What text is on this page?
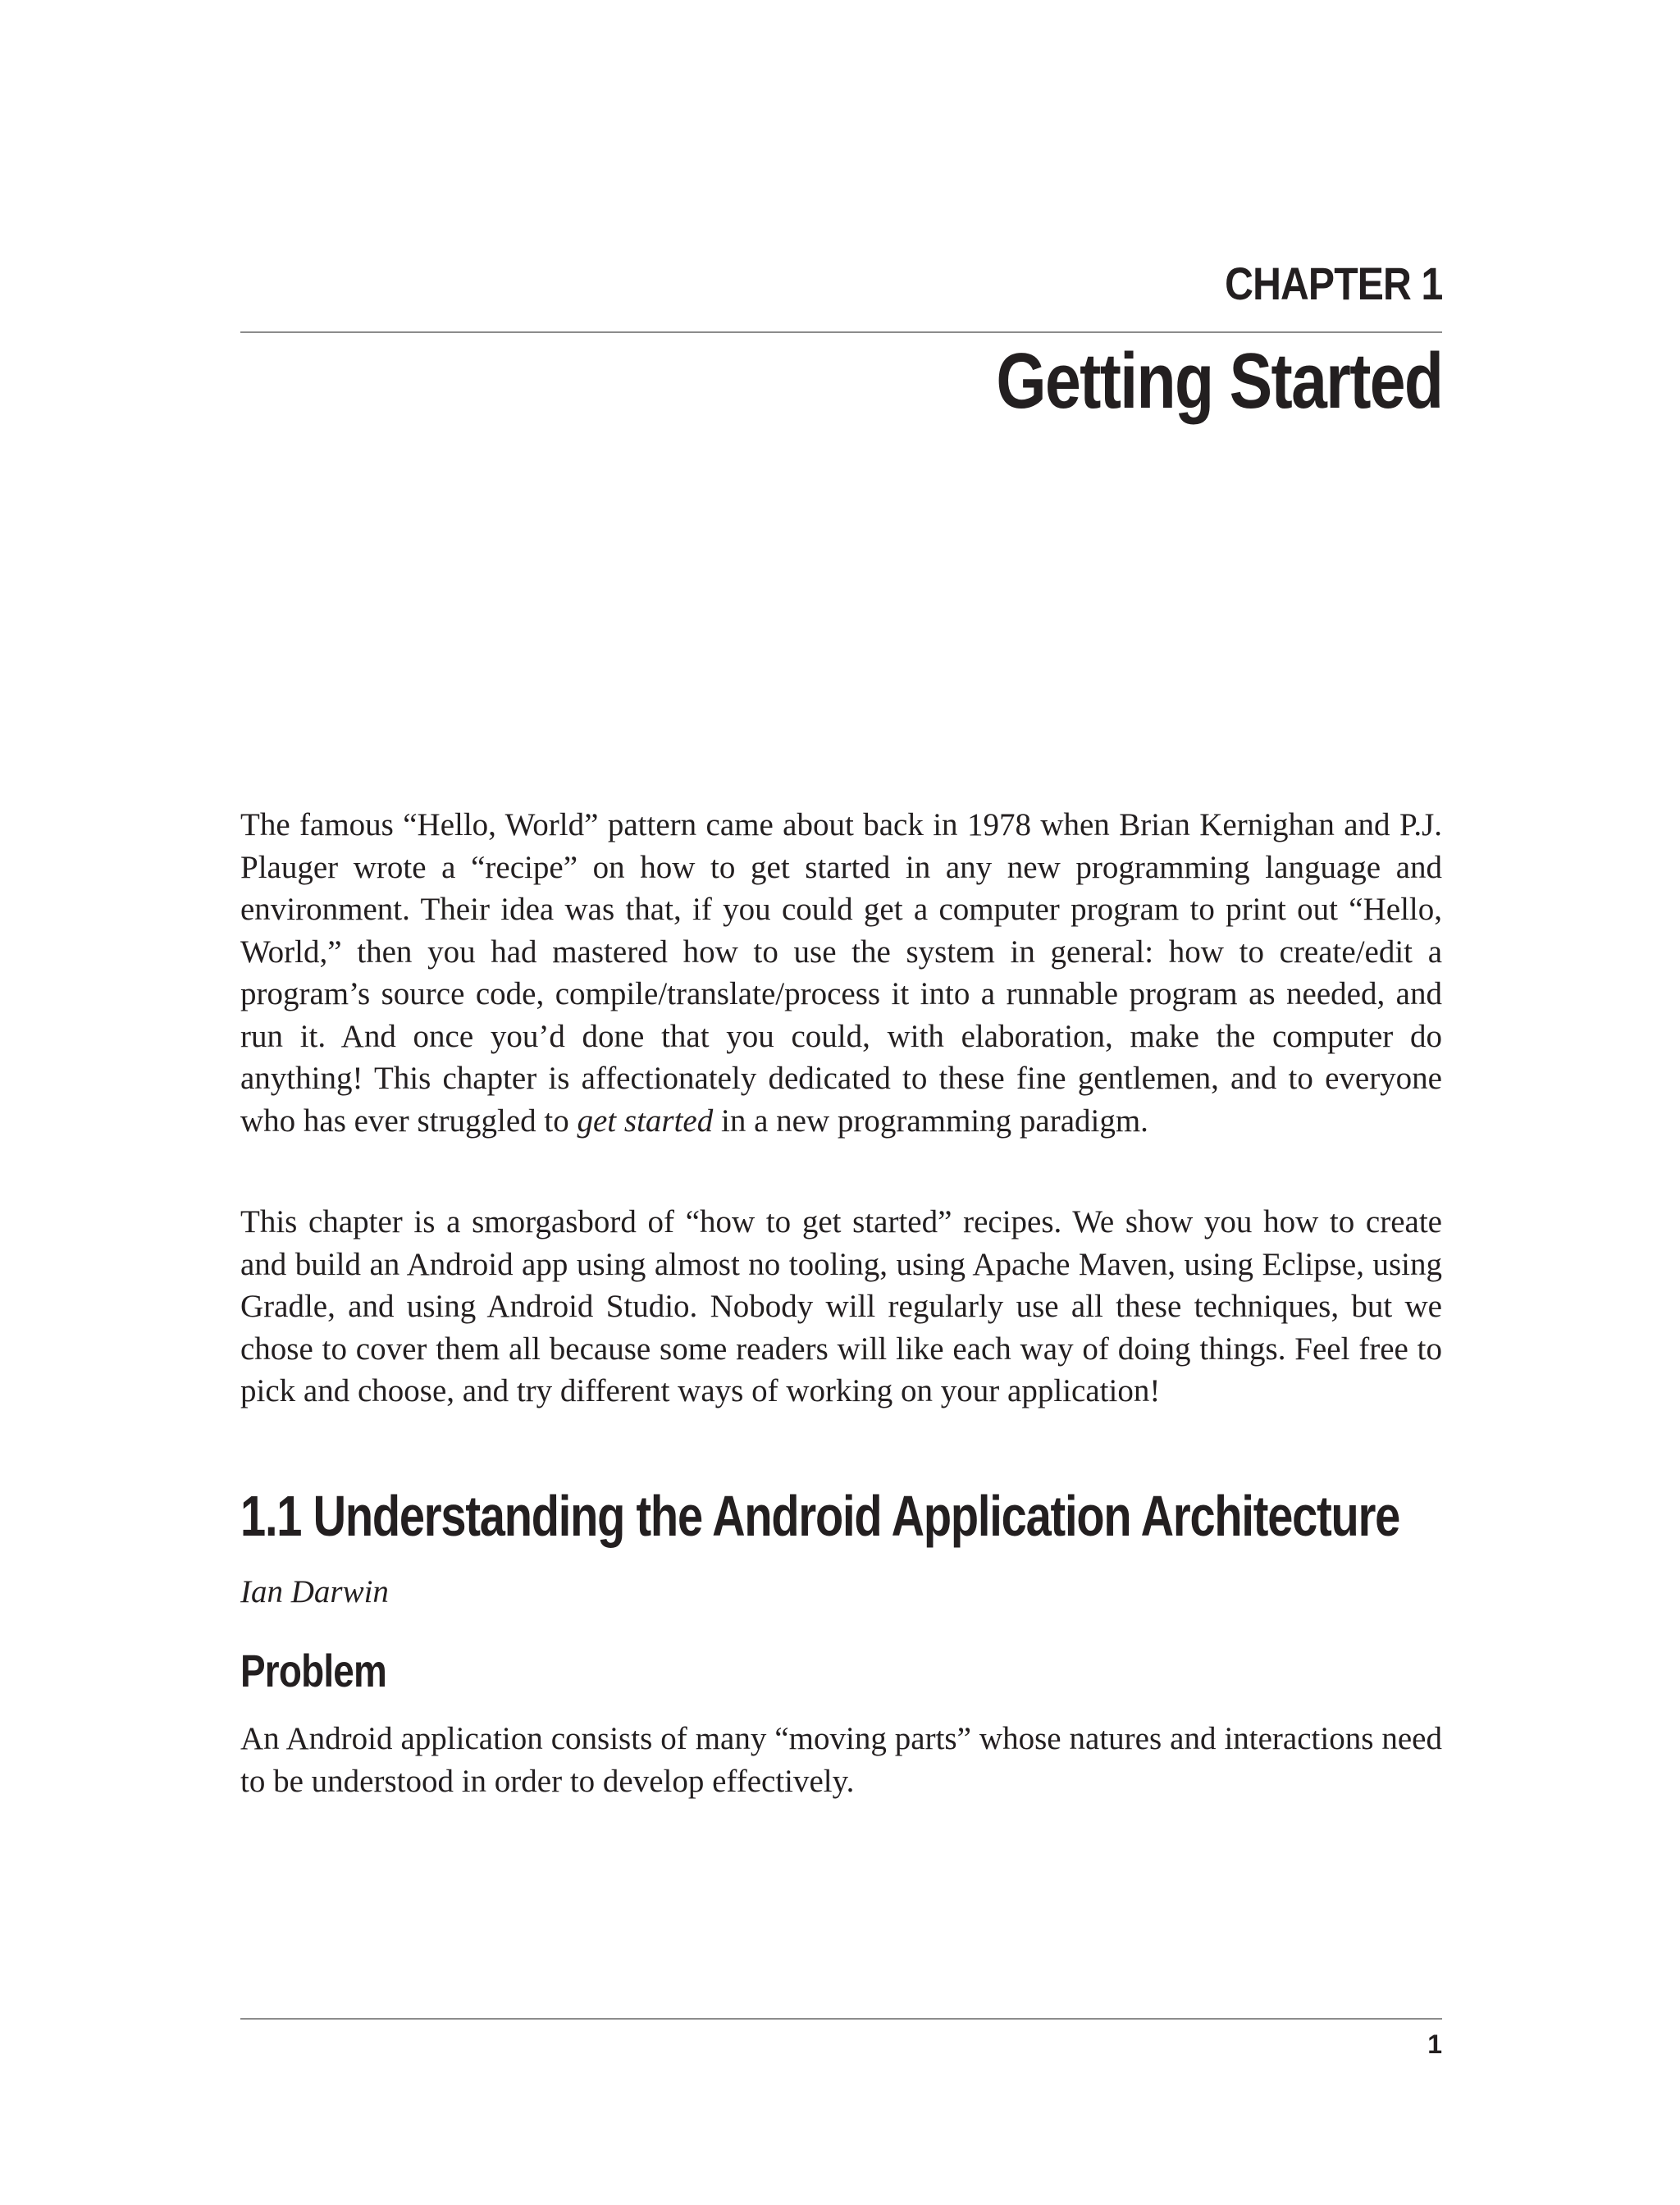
CHAPTER 1
Getting Started

The famous “Hello, World” pattern came about back in 1978 when Brian Kernighan and P.J. Plauger wrote a “recipe” on how to get started in any new programming language and environment. Their idea was that, if you could get a computer program to print out “Hello, World,” then you had mastered how to use the system in general: how to create/edit a program’s source code, compile/translate/process it into a runnable program as needed, and run it. And once you’d done that you could, with elaboration, make the computer do anything! This chapter is affectionately dedicated to these fine gentlemen, and to everyone who has ever struggled to get started in a new programming paradigm.

This chapter is a smorgasbord of “how to get started” recipes. We show you how to create and build an Android app using almost no tooling, using Apache Maven, using Eclipse, using Gradle, and using Android Studio. Nobody will regularly use all these techniques, but we chose to cover them all because some readers will like each way of doing things. Feel free to pick and choose, and try different ways of working on your application!

1.1 Understanding the Android Application Architecture

Ian Darwin

Problem

An Android application consists of many “moving parts” whose natures and interactions need to be understood in order to develop effectively.

1
